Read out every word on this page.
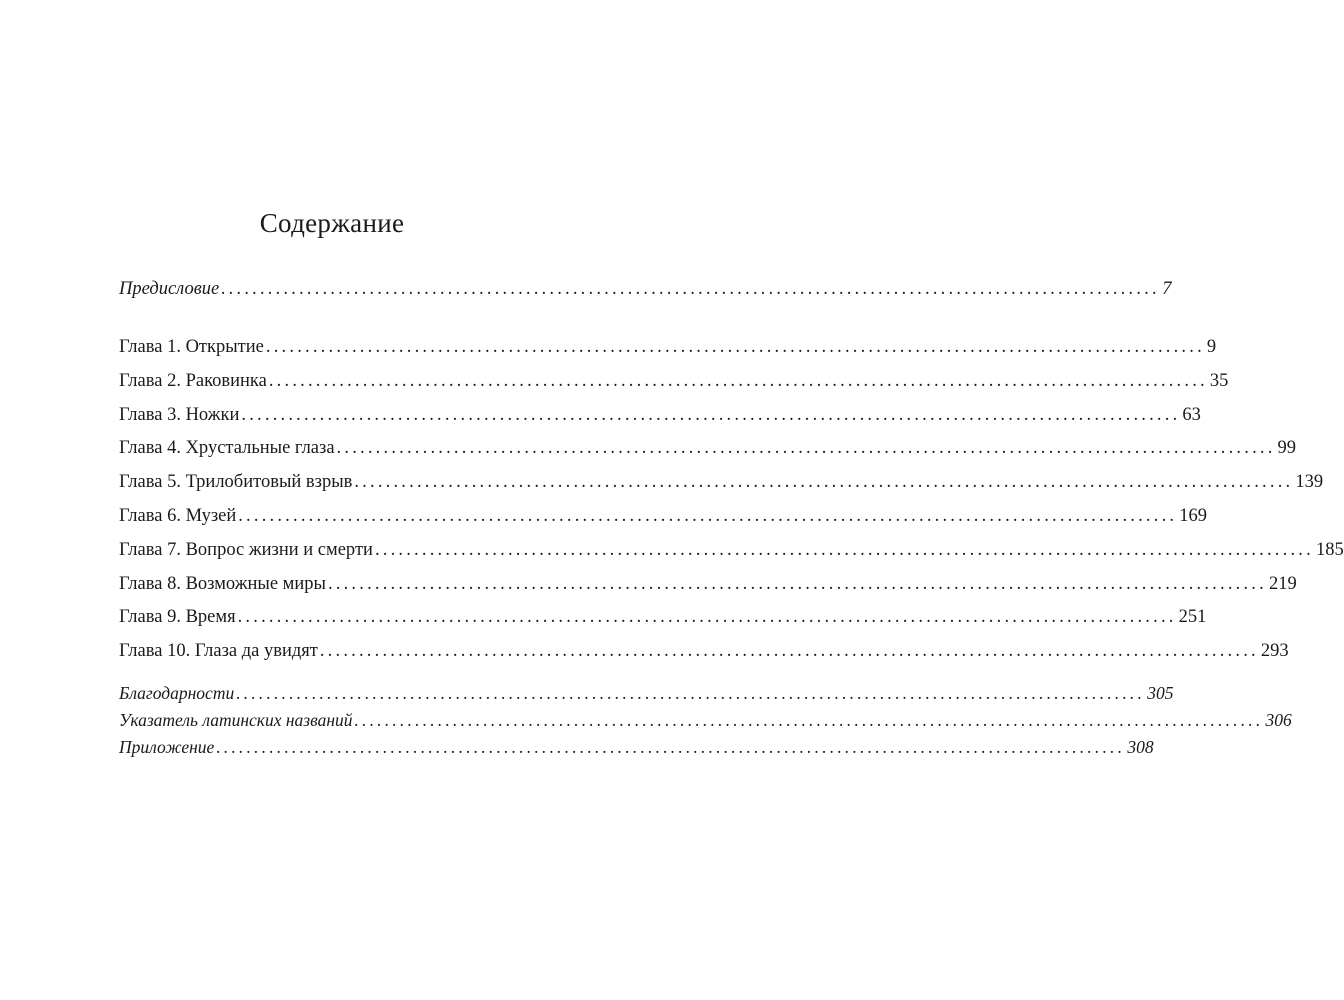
Содержание
Предисловие ........................................................................................................................ 7
Глава 1. Открытие ........................................................................................................................ 9
Глава 2. Раковинка ........................................................................................................................ 35
Глава 3. Ножки ........................................................................................................................ 63
Глава 4. Хрустальные глаза ........................................................................................................................ 99
Глава 5. Трилобитовый взрыв ........................................................................................................................ 139
Глава 6. Музей ........................................................................................................................ 169
Глава 7. Вопрос жизни и смерти ........................................................................................................................ 185
Глава 8. Возможные миры ........................................................................................................................ 219
Глава 9. Время ........................................................................................................................ 251
Глава 10. Глаза да увидят ........................................................................................................................ 293
Благодарности ........................................................................................................................ 305
Указатель латинских названий ........................................................................................................................ 306
Приложение ........................................................................................................................ 308
